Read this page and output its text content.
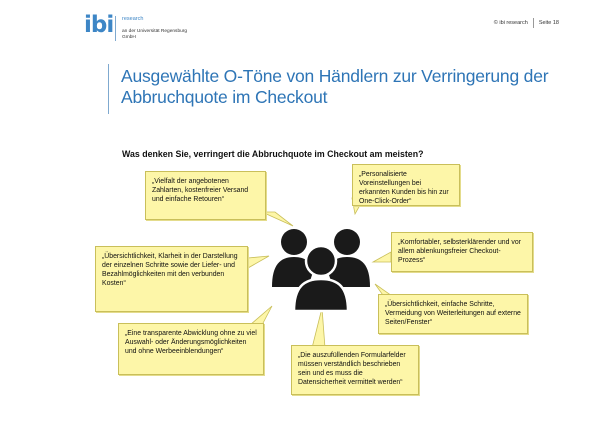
ibi research
an der Universität Regensburg GmbH
© ibi research Seite 18
Ausgewählte O-Töne von Händlern zur Verringerung der Abbruchquote im Checkout
Was denken Sie, verringert die Abbruchquote im Checkout am meisten?
„Vielfalt der angebotenen Zahlarten, kostenfreier Versand und einfache Retouren“
„Personalisierte Voreinstellungen bei erkannten Kunden bis hin zur One-Click-Order“
„Übersichtlichkeit, Klarheit in der Darstellung der einzelnen Schritte sowie der Liefer- und Bezahlmöglichkeiten mit den verbunden Kosten“
„Komfortabler, selbsterklärender und vor allem ablenkungsfreier Checkout-Prozess“
„Übersichtlichkeit, einfache Schritte, Vermeidung von Weiterleitungen auf externe Seiten/Fenster“
„Eine transparente Abwicklung ohne zu viel Auswahl- oder Änderungsmöglichkeiten und ohne Werbeeinblendungen“
„Die auszufüllenden Formularfelder müssen verständlich beschrieben sein und es muss die Datensicherheit vermittelt werden“
